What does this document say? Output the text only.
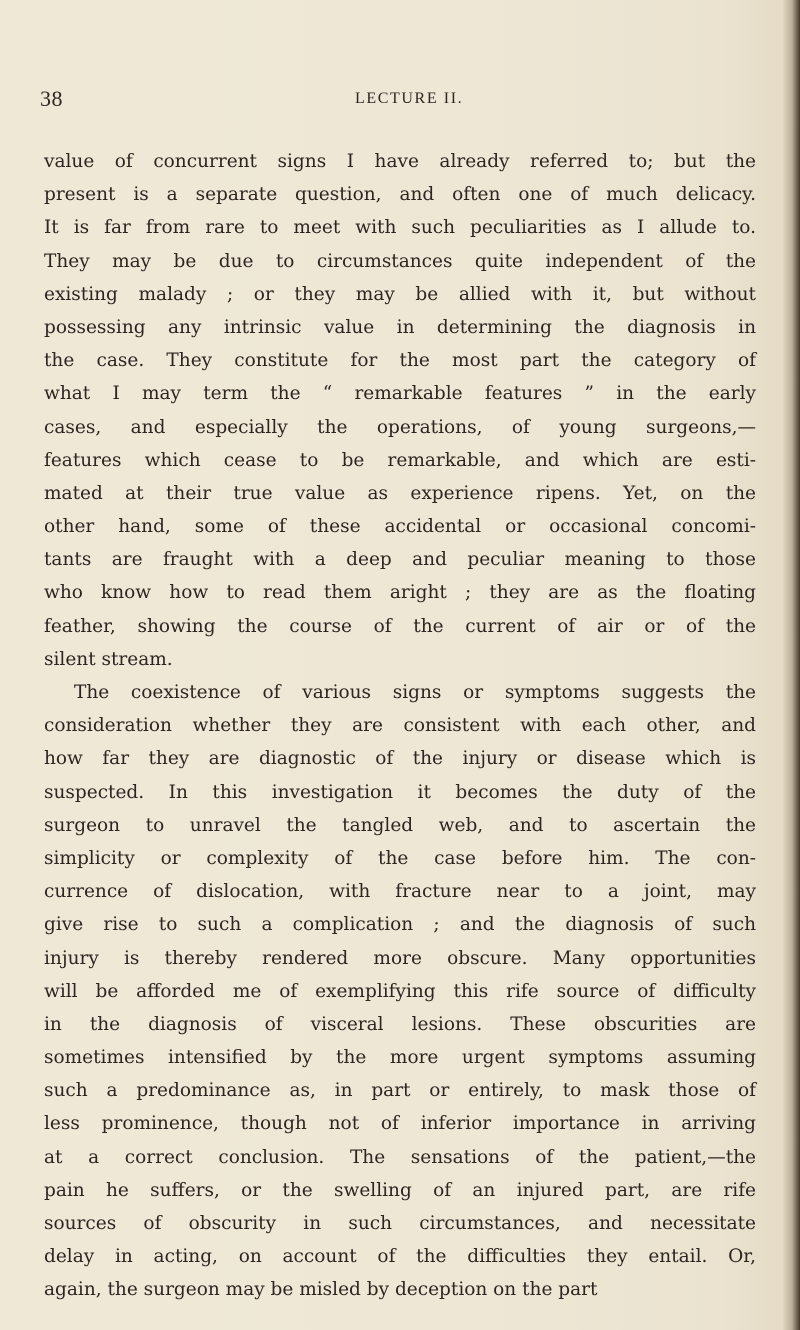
38	LECTURE II.
value of concurrent signs I have already referred to; but the
present is a separate question, and often one of much delicacy.
It is far from rare to meet with such peculiarities as I allude to.
They may be due to circumstances quite independent of the
existing malady ; or they may be allied with it, but without
possessing any intrinsic value in determining the diagnosis in
the case. They constitute for the most part the category of
what I may term the “ remarkable features ” in the early
cases, and especially the operations, of young surgeons,—
features which cease to be remarkable, and which are esti-
mated at their true value as experience ripens. Yet, on the
other hand, some of these accidental or occasional concomi-
tants are fraught with a deep and peculiar meaning to those
who know how to read them aright ; they are as the floating
feather, showing the course of the current of air or of the
silent stream.
The coexistence of various signs or symptoms suggests the
consideration whether they are consistent with each other, and
how far they are diagnostic of the injury or disease which is
suspected. In this investigation it becomes the duty of the
surgeon to unravel the tangled web, and to ascertain the
simplicity or complexity of the case before him. The con-
currence of dislocation, with fracture near to a joint, may
give rise to such a complication ; and the diagnosis of such
injury is thereby rendered more obscure. Many opportunities
will be afforded me of exemplifying this rife source of difficulty
in the diagnosis of visceral lesions. These obscurities are
sometimes intensified by the more urgent symptoms assuming
such a predominance as, in part or entirely, to mask those of
less prominence, though not of inferior importance in arriving
at a correct conclusion. The sensations of the patient,—the
pain he suffers, or the swelling of an injured part, are rife
sources of obscurity in such circumstances, and necessitate
delay in acting, on account of the difficulties they entail. Or,
again, the surgeon may be misled by deception on the part
